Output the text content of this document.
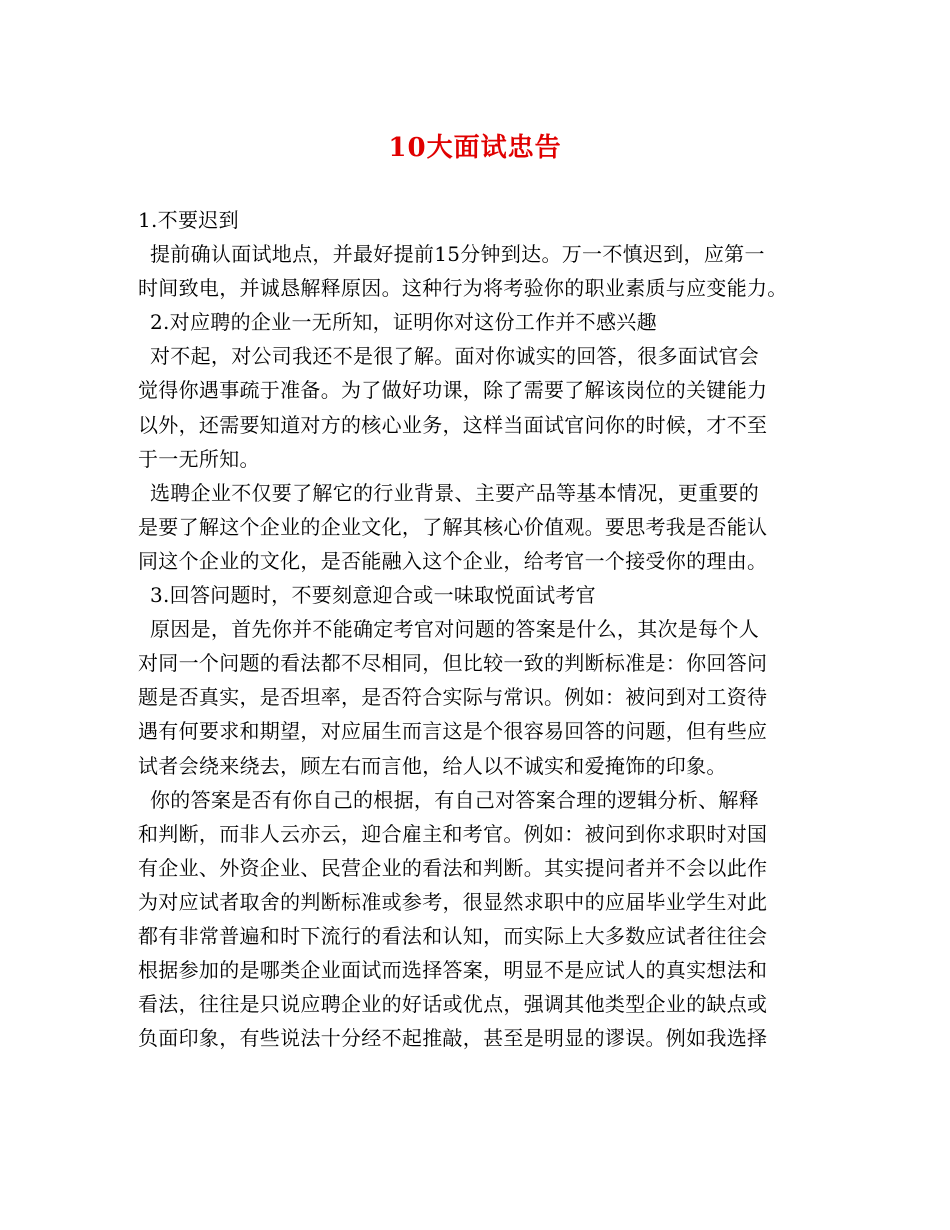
10大面试忠告
1.不要迟到
提前确认面试地点，并最好提前15分钟到达。万一不慎迟到，应第一
时间致电，并诚恳解释原因。这种行为将考验你的职业素质与应变能力。
2.对应聘的企业一无所知，证明你对这份工作并不感兴趣
对不起，对公司我还不是很了解。面对你诚实的回答，很多面试官会
觉得你遇事疏于准备。为了做好功课，除了需要了解该岗位的关键能力
以外，还需要知道对方的核心业务，这样当面试官问你的时候，才不至
于一无所知。
选聘企业不仅要了解它的行业背景、主要产品等基本情况，更重要的
是要了解这个企业的企业文化，了解其核心价值观。要思考我是否能认
同这个企业的文化，是否能融入这个企业，给考官一个接受你的理由。
3.回答问题时，不要刻意迎合或一味取悦面试考官
原因是，首先你并不能确定考官对问题的答案是什么，其次是每个人
对同一个问题的看法都不尽相同，但比较一致的判断标准是：你回答问
题是否真实，是否坦率，是否符合实际与常识。例如：被问到对工资待
遇有何要求和期望，对应届生而言这是个很容易回答的问题，但有些应
试者会绕来绕去，顾左右而言他，给人以不诚实和爱掩饰的印象。
你的答案是否有你自己的根据，有自己对答案合理的逻辑分析、解释
和判断，而非人云亦云，迎合雇主和考官。例如：被问到你求职时对国
有企业、外资企业、民营企业的看法和判断。其实提问者并不会以此作
为对应试者取舍的判断标准或参考，很显然求职中的应届毕业学生对此
都有非常普遍和时下流行的看法和认知，而实际上大多数应试者往往会
根据参加的是哪类企业面试而选择答案，明显不是应试人的真实想法和
看法，往往是只说应聘企业的好话或优点，强调其他类型企业的缺点或
负面印象，有些说法十分经不起推敲，甚至是明显的谬误。例如我选择
